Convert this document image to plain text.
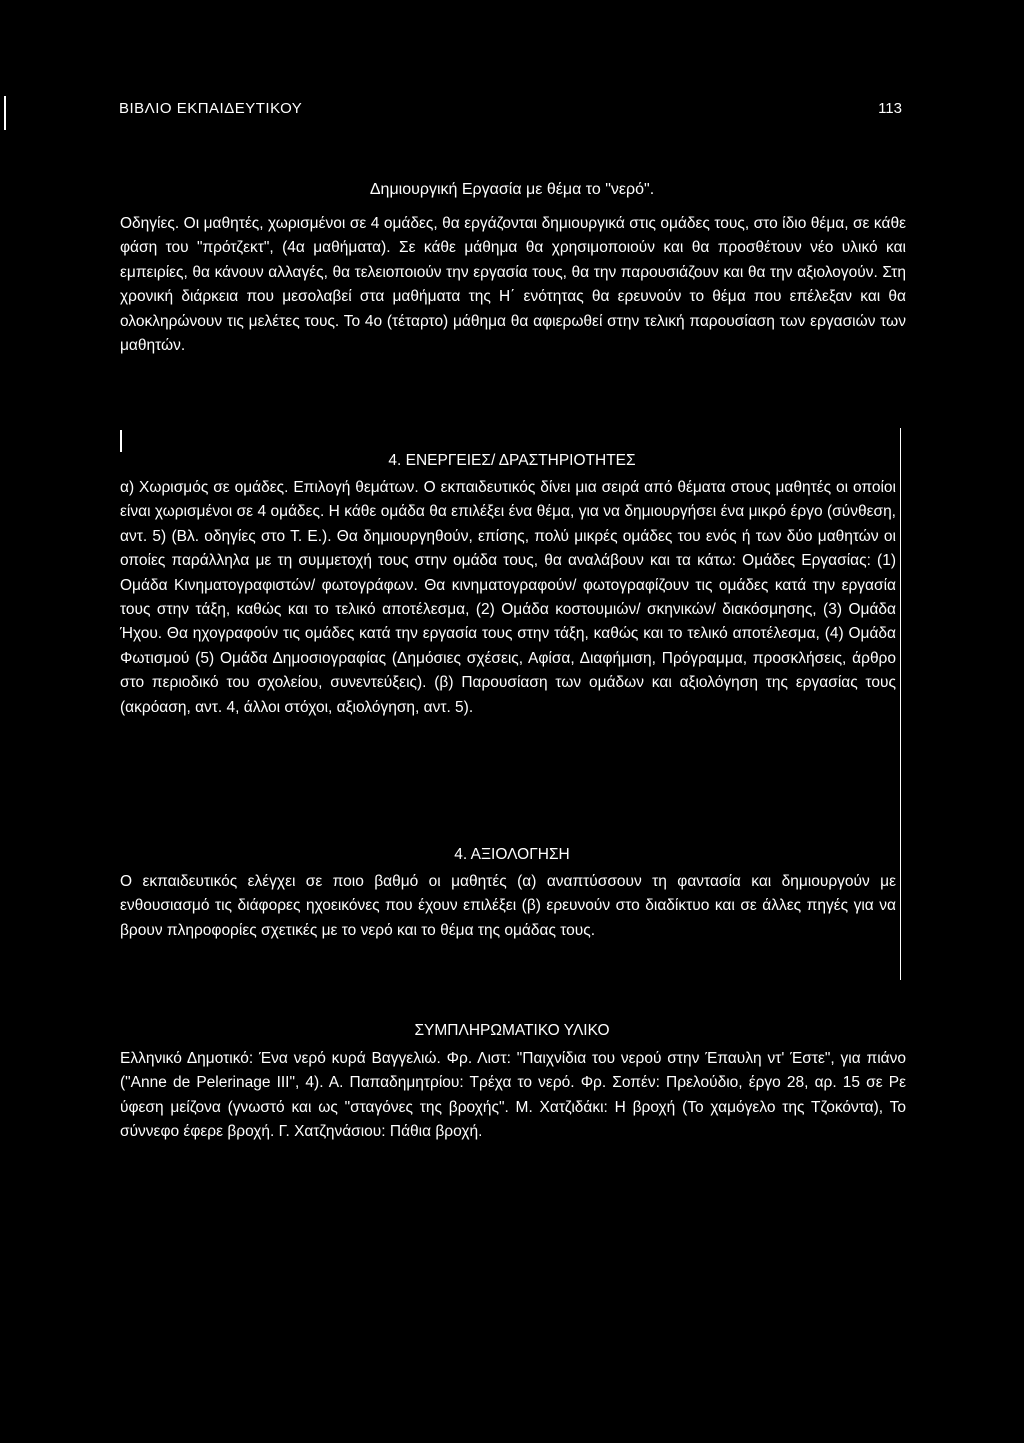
ΒΙΒΛΙΟ ΕΚΠΑΙΔΕΥΤΙΚΟΥ	113
Δημιουργική Εργασία με θέμα το "νερό".

Οδηγίες. Οι μαθητές, χωρισμένοι σε 4 ομάδες, θα εργάζονται δημιουργικά στις ομάδες τους, στο ίδιο θέμα, σε κάθε φάση του "πρότζεκτ", (4α μαθήματα). Σε κάθε μάθημα θα χρησιμοποιούν και θα προσθέτουν νέο υλικό και εμπειρίες, θα κάνουν αλλαγές, θα τελειοποιούν την εργασία τους, θα την παρουσιάζουν και θα την αξιολογούν. Στη χρονική διάρκεια που μεσολαβεί στα μαθήματα της Η΄ ενότητας θα ερευνούν το θέμα που επέλεξαν και θα ολοκληρώνουν τις μελέτες τους. Το 4ο (τέταρτο) μάθημα θα αφιερωθεί στην τελική παρουσίαση των εργασιών των μαθητών.

4. ΕΝΕΡΓΕΙΕΣ/ ΔΡΑΣΤΗΡΙΟΤΗΤΕΣ

α) Χωρισμός σε ομάδες. Επιλογή θεμάτων. Ο εκπαιδευτικός δίνει μια σειρά από θέματα στους μαθητές οι οποίοι είναι χωρισμένοι σε 4 ομάδες. Η κάθε ομάδα θα επιλέξει ένα θέμα, για να δημιουργήσει ένα μικρό έργο (σύνθεση, αντ. 5) (Βλ. οδηγίες στο Τ. Ε.). Θα δημιουργηθούν, επίσης, πολύ μικρές ομάδες του ενός ή των δύο μαθητών οι οποίες παράλληλα με τη συμμετοχή τους στην ομάδα τους, θα αναλάβουν και τα κάτω: Ομάδες Εργασίας: (1) Ομάδα Κινηματογραφιστών/ φωτογράφων. Θα κινηματογραφούν/ φωτογραφίζουν τις ομάδες κατά την εργασία τους στην τάξη, καθώς και το τελικό αποτέλεσμα, (2) Ομάδα κοστουμιών/ σκηνικών/ διακόσμησης, (3) Ομάδα Ήχου. Θα ηχογραφούν τις ομάδες κατά την εργασία τους στην τάξη, καθώς και το τελικό αποτέλεσμα, (4) Ομάδα Φωτισμού (5) Ομάδα Δημοσιογραφίας (Δημόσιες σχέσεις, Αφίσα, Διαφήμιση, Πρόγραμμα, προσκλήσεις, άρθρο στο περιοδικό του σχολείου, συνεντεύξεις). (β) Παρουσίαση των ομάδων και αξιολόγηση της εργασίας τους (ακρόαση, αντ. 4, άλλοι στόχοι, αξιολόγηση, αντ. 5).

4. ΑΞΙΟΛΟΓΗΣΗ

Ο εκπαιδευτικός ελέγχει σε ποιο βαθμό οι μαθητές (α) αναπτύσσουν τη φαντασία και δημιουργούν με ενθουσιασμό τις διάφορες ηχοεικόνες που έχουν επιλέξει (β) ερευνούν στο διαδίκτυο και σε άλλες πηγές για να βρουν πληροφορίες σχετικές με το νερό και το θέμα της ομάδας τους.

ΣΥΜΠΛΗΡΩΜΑΤΙΚΟ ΥΛΙΚΟ

Ελληνικό Δημοτικό: Ένα νερό κυρά Βαγγελιώ. Φρ. Λιστ: "Παιχνίδια του νερού στην Έπαυλη ντ' Έστε", για πιάνο ("Anne de Pelerinage III", 4). Α. Παπαδημητρίου: Τρέχα το νερό. Φρ. Σοπέν: Πρελούδιο, έργο 28, αρ. 15 σε Ρε ύφεση μείζονα (γνωστό και ως "σταγόνες της βροχής". Μ. Χατζιδάκι: Η βροχή (Το χαμόγελο της Τζοκόντα), Το σύννεφο έφερε βροχή. Γ. Χατζηνάσιου: Πάθια βροχή.
